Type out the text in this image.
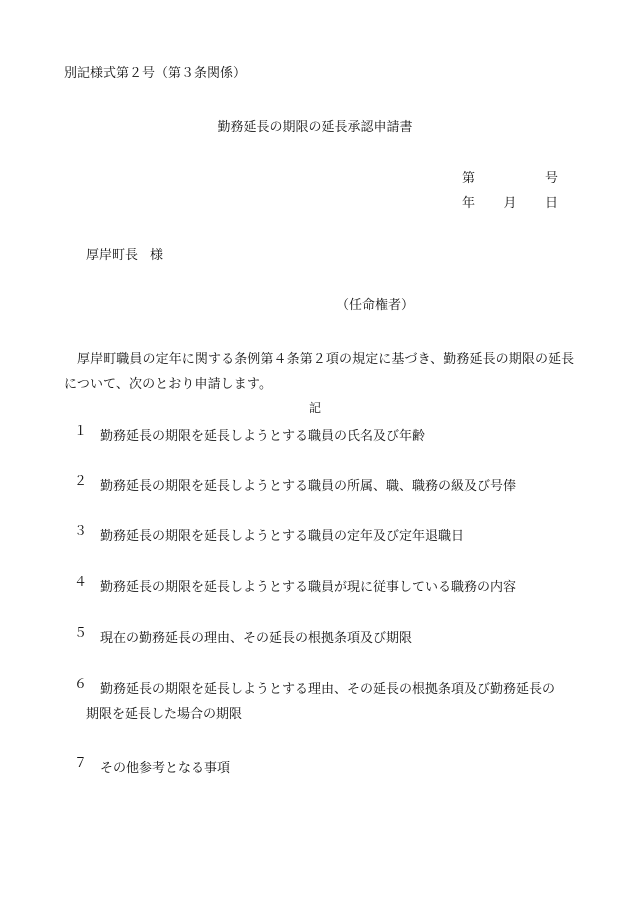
別記様式第２号（第３条関係）
勤務延長の期限の延長承認申請書
第	号
年 月 日
厚岸町長 様
（任命権者）
厚岸町職員の定年に関する条例第４条第２項の規定に基づき、勤務延長の期限の延長について、次のとおり申請します。
記
１ 勤務延長の期限を延長しようとする職員の氏名及び年齢
２ 勤務延長の期限を延長しようとする職員の所属、職、職務の級及び号俸
３ 勤務延長の期限を延長しようとする職員の定年及び定年退職日
４ 勤務延長の期限を延長しようとする職員が現に従事している職務の内容
５ 現在の勤務延長の理由、その延長の根拠条項及び期限
６ 勤務延長の期限を延長しようとする理由、その延長の根拠条項及び勤務延長の
期限を延長した場合の期限
７ その他参考となる事項
